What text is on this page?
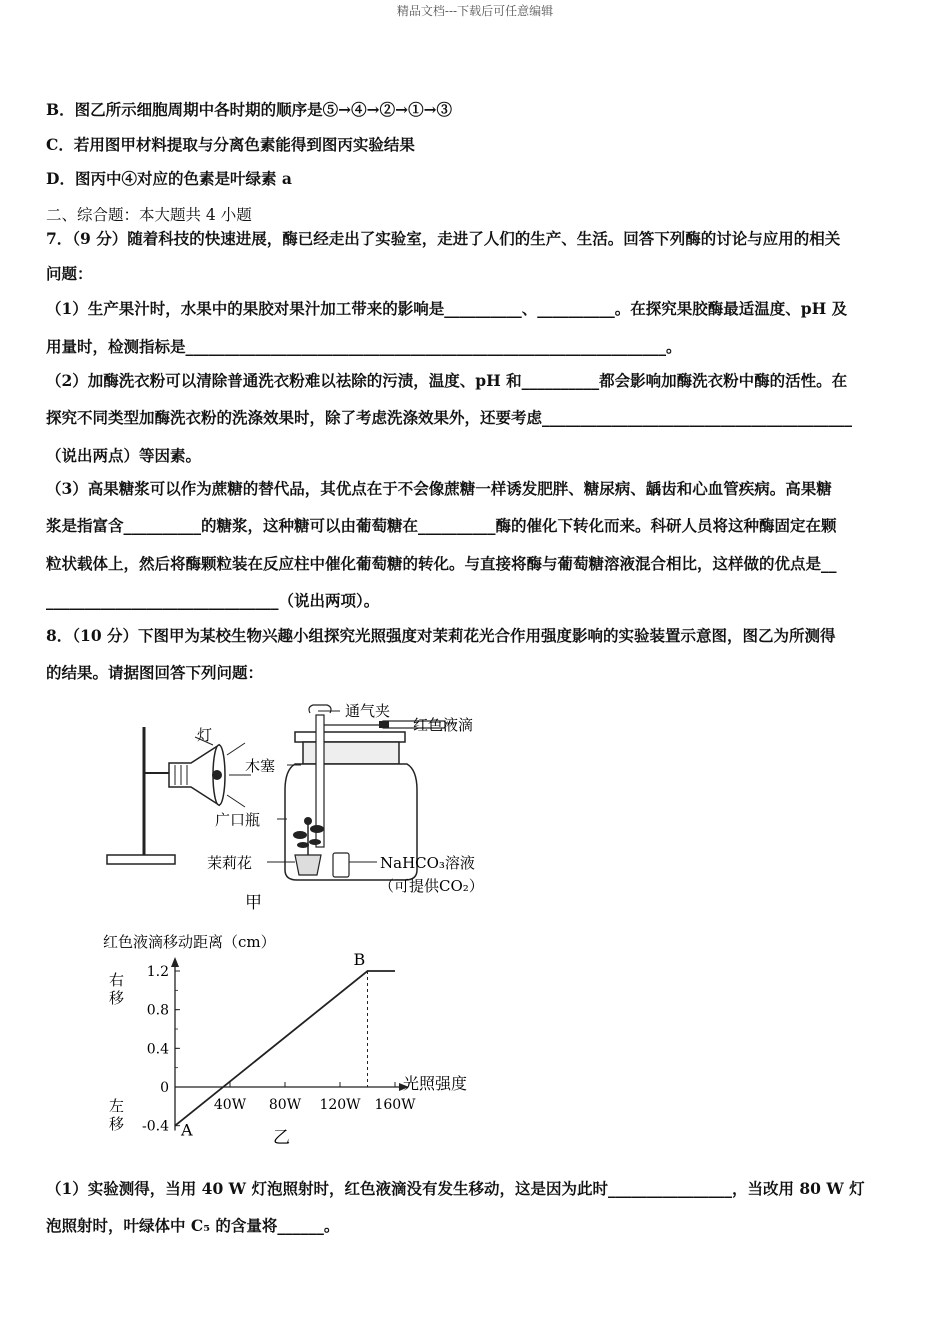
精品文档---下载后可任意编辑
B．图乙所示细胞周期中各时期的顺序是⑤→④→②→①→③
C．若用图甲材料提取与分离色素能得到图丙实验结果
D．图丙中④对应的色素是叶绿素 a
二、综合题：本大题共 4 小题
7．（9 分）随着科技的快速进展，酶已经走出了实验室，走进了人们的生产、生活。回答下列酶的讨论与应用的相关
问题：
（1）生产果汁时，水果中的果胶对果汁加工带来的影响是__________、__________。在探究果胶酶最适温度、pH 及
用量时，检测指标是______________________________________________________________。
（2）加酶洗衣粉可以清除普通洗衣粉难以祛除的污渍，温度、pH 和__________都会影响加酶洗衣粉中酶的活性。在
探究不同类型加酶洗衣粉的洗涤效果时，除了考虑洗涤效果外，还要考虑________________________________________
（说出两点）等因素。
（3）高果糖浆可以作为蔗糖的替代品，其优点在于不会像蔗糖一样诱发肥胖、糖尿病、龋齿和心血管疾病。高果糖
浆是指富含__________的糖浆，这种糖可以由葡萄糖在__________酶的催化下转化而来。科研人员将这种酶固定在颗
粒状载体上，然后将酶颗粒装在反应柱中催化葡萄糖的转化。与直接将酶与葡萄糖溶液混合相比，这样做的优点是__
______________________________（说出两项）。
8．（10 分）下图甲为某校生物兴趣小组探究光照强度对茉莉花光合作用强度影响的实验装置示意图，图乙为所测得
的结果。请据图回答下列问题：
灯
通气夹
红色液滴
木塞
广口瓶
茉莉花	NaHCO₃溶液
（可提供CO₂）
甲
红色液滴移动距离（cm）
右移
左移
1.2
0.8
0.4
0
-0.4
40W 80W 120W 160W
A
B
光照强度
乙
（1）实验测得，当用 40 W 灯泡照射时，红色液滴没有发生移动，这是因为此时________________，当改用 80 W 灯
泡照射时，叶绿体中 C₅ 的含量将______。
